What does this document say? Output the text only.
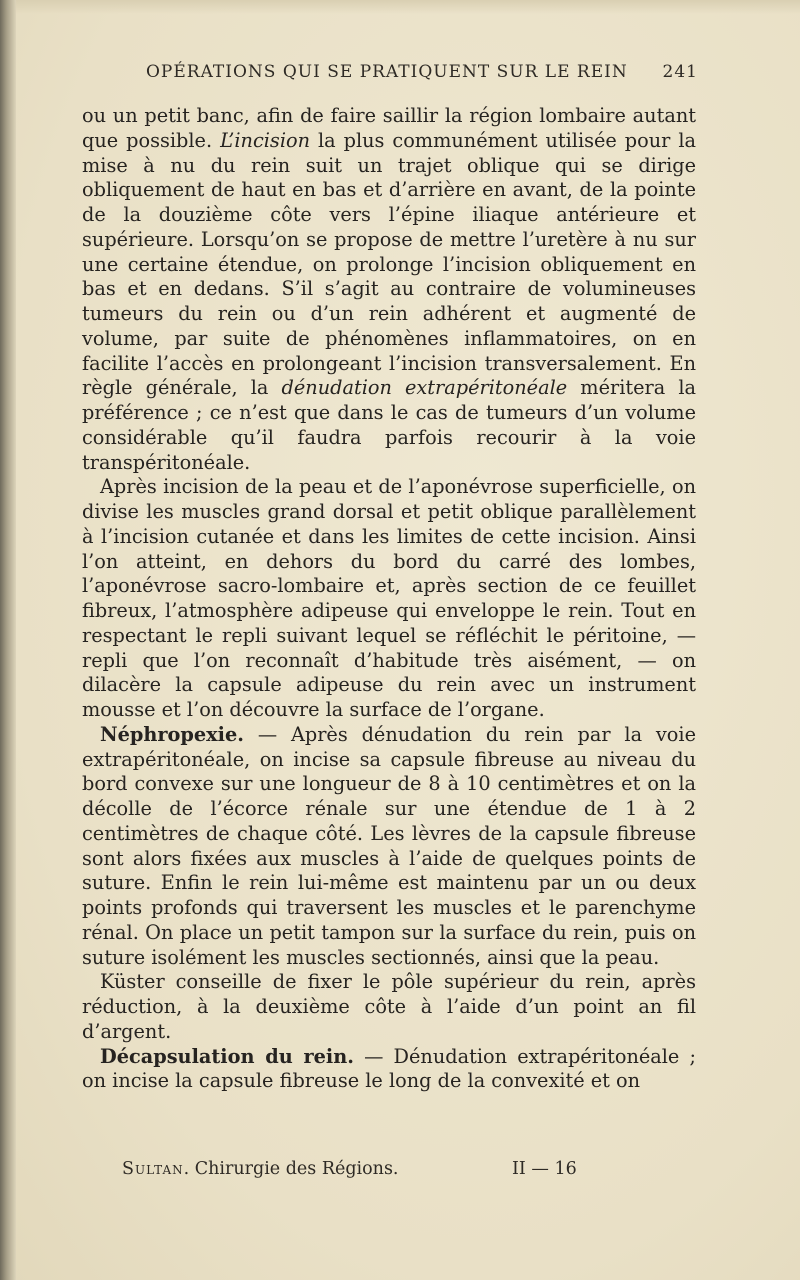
OPÉRATIONS QUI SE PRATIQUENT SUR LE REIN 241

ou un petit banc, afin de faire saillir la région lombaire autant que possible. L’incision la plus communément utilisée pour la mise à nu du rein suit un trajet oblique qui se dirige obliquement de haut en bas et d’arrière en avant, de la pointe de la douzième côte vers l’épine iliaque antérieure et supérieure. Lorsqu’on se propose de mettre l’uretère à nu sur une certaine étendue, on prolonge l’incision obliquement en bas et en dedans. S’il s’agit au contraire de volumineuses tumeurs du rein ou d’un rein adhérent et augmenté de volume, par suite de phénomènes inflammatoires, on en facilite l’accès en prolongeant l’incision transversalement. En règle générale, la dénudation extrapéritonéale méritera la préférence ; ce n’est que dans le cas de tumeurs d’un volume considérable qu’il faudra parfois recourir à la voie transpéritonéale.

Après incision de la peau et de l’aponévrose superficielle, on divise les muscles grand dorsal et petit oblique parallèlement à l’incision cutanée et dans les limites de cette incision. Ainsi l’on atteint, en dehors du bord du carré des lombes, l’aponévrose sacro-lombaire et, après section de ce feuillet fibreux, l’atmosphère adipeuse qui enveloppe le rein. Tout en respectant le repli suivant lequel se réfléchit le péritoine, — repli que l’on reconnaît d’habitude très aisément, — on dilacère la capsule adipeuse du rein avec un instrument mousse et l’on découvre la surface de l’organe.

Néphropexie. — Après dénudation du rein par la voie extrapéritonéale, on incise sa capsule fibreuse au niveau du bord convexe sur une longueur de 8 à 10 centimètres et on la décolle de l’écorce rénale sur une étendue de 1 à 2 centimètres de chaque côté. Les lèvres de la capsule fibreuse sont alors fixées aux muscles à l’aide de quelques points de suture. Enfin le rein lui-même est maintenu par un ou deux points profonds qui traversent les muscles et le parenchyme rénal. On place un petit tampon sur la surface du rein, puis on suture isolément les muscles sectionnés, ainsi que la peau.

Küster conseille de fixer le pôle supérieur du rein, après réduction, à la deuxième côte à l’aide d’un point an fil d’argent.

Décapsulation du rein. — Dénudation extrapéritonéale ; on incise la capsule fibreuse le long de la convexité et on

Sultan. Chirurgie des Régions.	II — 16
